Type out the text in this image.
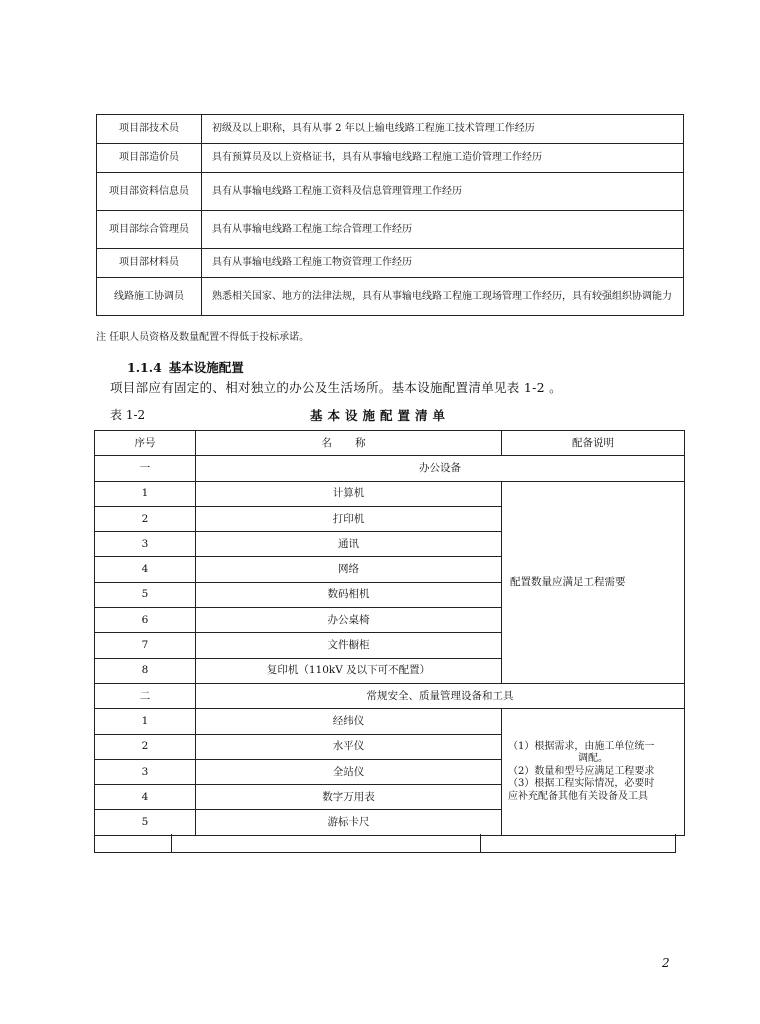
项目部技术员	初级及以上职称，具有从事 2 年以上输电线路工程施工技术管理工作经历
项目部造价员	具有预算员及以上资格证书，具有从事输电线路工程施工造价管理工作经历
项目部资料信息员	具有从事输电线路工程施工资料及信息管理管理工作经历
项目部综合管理员	具有从事输电线路工程施工综合管理工作经历
项目部材料员	具有从事输电线路工程施工物资管理工作经历
线路施工协调员	熟悉相关国家、地方的法律法规，具有从事输电线路工程施工现场管理工作经历，具有较强组织协调能力
注 任职人员资格及数量配置不得低于投标承诺。
1.1.4 基本设施配置
项目部应有固定的、相对独立的办公及生活场所。基本设施配置清单见表 1-2 。
表 1-2	基本设施配置清单
序号	名 称	配备说明
一	办公设备	
1	计算机	配置数量应满足工程需要

2	打印机	
3	通讯	
4	网络	
5	数码相机	
6	办公桌椅	
7	文件橱柜	
8	复印机（110kV 及以下可不配置）	
二	常规安全、质量管理设备和工具	
1	经纬仪	（1）根据需求，由施工单位统一
调配。
（2）数量和型号应满足工程要求
（3）根据工程实际情况，必要时
应补充配备其他有关设备及工具

2	水平仪	
3	全站仪	
4	数字万用表	
5	游标卡尺	
2
